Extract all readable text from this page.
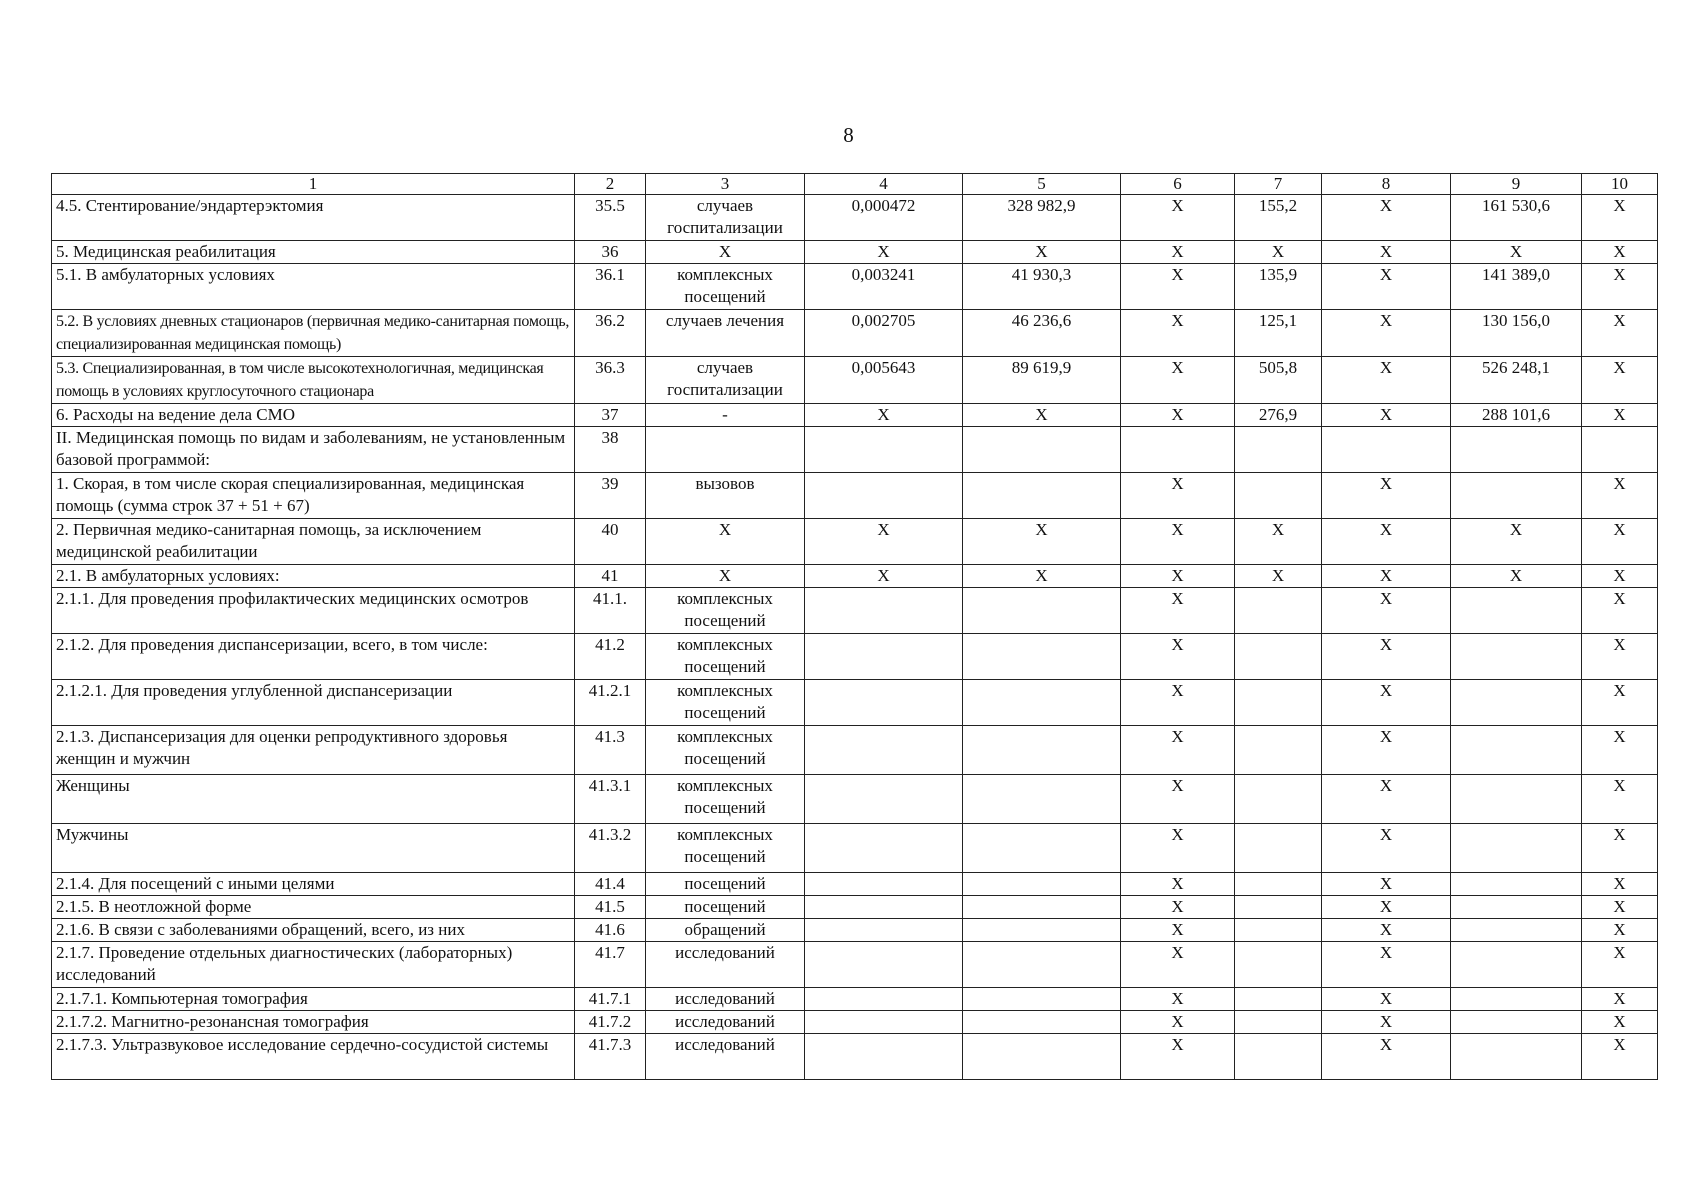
8
1	2	3	4	5	6	7	8	9	10
4.5. Стентирование/эндартерэктомия	35.5	случаев госпитализации	0,000472	328 982,9	Х	155,2	Х	161 530,6	Х
5. Медицинская реабилитация	36	Х	Х	Х	Х	Х	Х	Х	Х
5.1. В амбулаторных условиях	36.1	комплексных посещений	0,003241	41 930,3	Х	135,9	Х	141 389,0	Х
5.2. В условиях дневных стационаров (первичная медико-санитарная помощь, специализированная медицинская помощь)	36.2	случаев лечения	0,002705	46 236,6	Х	125,1	Х	130 156,0	Х
5.3. Специализированная, в том числе высокотехнологичная, медицинская помощь в условиях круглосуточного стационара	36.3	случаев госпитализации	0,005643	89 619,9	Х	505,8	Х	526 248,1	Х
6. Расходы на ведение дела СМО	37	-	Х	Х	Х	276,9	Х	288 101,6	Х
II. Медицинская помощь по видам и заболеваниям, не установленным базовой программой:	38								
1. Скорая, в том числе скорая специализированная, медицинская помощь (сумма строк 37 + 51 + 67)	39	вызовов			Х		Х		Х
2. Первичная медико-санитарная помощь, за исключением медицинской реабилитации	40	Х	Х	Х	Х	Х	Х	Х	Х
2.1. В амбулаторных условиях:	41	Х	Х	Х	Х	Х	Х	Х	Х
2.1.1. Для проведения профилактических медицинских осмотров	41.1.	комплексных посещений			Х		Х		Х
2.1.2. Для проведения диспансеризации, всего, в том числе:	41.2	комплексных посещений			Х		Х		Х
2.1.2.1. Для проведения углубленной диспансеризации	41.2.1	комплексных посещений			Х		Х		Х
2.1.3. Диспансеризация для оценки репродуктивного здоровья женщин и мужчин	41.3	комплексных посещений			Х		Х		Х
Женщины	41.3.1	комплексных посещений			Х		Х		Х
Мужчины	41.3.2	комплексных посещений			Х		Х		Х
2.1.4. Для посещений с иными целями	41.4	посещений			Х		Х		Х
2.1.5. В неотложной форме	41.5	посещений			Х		Х		Х
2.1.6. В связи с заболеваниями обращений, всего, из них	41.6	обращений			Х		Х		Х
2.1.7. Проведение отдельных диагностических (лабораторных) исследований	41.7	исследований			Х		Х		Х
2.1.7.1. Компьютерная томография	41.7.1	исследований			Х		Х		Х
2.1.7.2. Магнитно-резонансная томография	41.7.2	исследований			Х		Х		Х
2.1.7.3. Ультразвуковое исследование сердечно-сосудистой системы	41.7.3	исследований			Х		Х		Х
